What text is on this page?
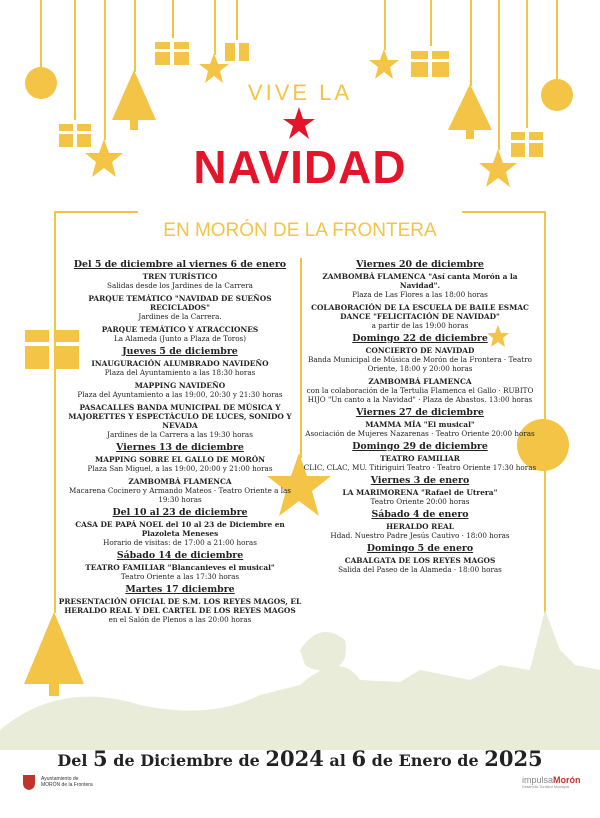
VIVE LA
NAVIDAD
EN MORÓN DE LA FRONTERA
Del 5 de diciembre al viernes 6 de enero
TREN TURÍSTICO
Salidas desde los Jardines de la Carrera
PARQUE TEMÁTICO "NAVIDAD DE SUEÑOS RECICLADOS"
Jardines de la Carrera.
PARQUE TEMÁTICO Y ATRACCIONES
La Alameda (Junto a Plaza de Toros)
Jueves 5 de diciembre
INAUGURACIÓN ALUMBRADO NAVIDEÑO
Plaza del Ayuntamiento a las 18:30 horas
MAPPING NAVIDEÑO
Plaza del Ayuntamiento a las 19:00, 20:30 y 21:30 horas
PASACALLES BANDA MUNICIPAL DE MÚSICA Y MAJORETTES Y ESPECTÁCULO DE LUCES, SONIDO Y NEVADA
Jardines de la Carrera a las 19:30 horas
Viernes 13 de diciembre
MAPPING SOBRE EL GALLO DE MORÓN
Plaza San Miguel, a las 19:00, 20:00 y 21:00 horas
ZAMBOMBÁ FLAMENCA
Macarena Cocinero y Armando Mateos · Teatro Oriente a las 19:30 horas
Del 10 al 23 de diciembre
CASA DE PAPÁ NOEL del 10 al 23 de Diciembre en Plazoleta Meneses
Horario de visitas: de 17:00 a 21:00 horas
Sábado 14 de diciembre
TEATRO FAMILIAR "Blancanieves el musical"
Teatro Oriente a las 17:30 horas
Martes 17 diciembre
PRESENTACIÓN OFICIAL DE S.M. LOS REYES MAGOS, EL HERALDO REAL Y DEL CARTEL DE LOS REYES MAGOS
en el Salón de Plenos a las 20:00 horas
Viernes 20 de diciembre
ZAMBOMBÁ FLAMENCA "Así canta Morón a la Navidad".
Plaza de Las Flores a las 18:00 horas
COLABORACIÓN DE LA ESCUELA DE BAILE ESMAC DANCE "FELICITACIÓN DE NAVIDAD"
a partir de las 19:00 horas
Domingo 22 de diciembre
CONCIERTO DE NAVIDAD
Banda Municipal de Música de Morón de la Frontera · Teatro Oriente, 18:00 y 20:00 horas
ZAMBOMBÁ FLAMENCA
con la colaboración de la Tertulia Flamenca el Gallo · RUBITO HIJO "Un canto a la Navidad" · Plaza de Abastos. 13:00 horas
Viernes 27 de diciembre
MAMMA MÍA "El musical"
Asociación de Mujeres Nazarenas · Teatro Oriente 20:00 horas
Domingo 29 de diciembre
TEATRO FAMILIAR
CLIC, CLAC, MU. Titiriguiri Teatro · Teatro Oriente 17:30 horas
Viernes 3 de enero
LA MARIMORENA "Rafael de Utrera"
Teatro Oriente 20:00 horas
Sábado 4 de enero
HERALDO REAL
Hdad. Nuestro Padre Jesús Cautivo · 18:00 horas
Domingo 5 de enero
CABALGATA DE LOS REYES MAGOS
Salida del Paseo de la Alameda · 18:00 horas
Del 5 de Diciembre de 2024 al 6 de Enero de 2025
Ayuntamiento de
MORÓN de la Frontera	impulsaMorón
Desarrollo Turístico Municipal
